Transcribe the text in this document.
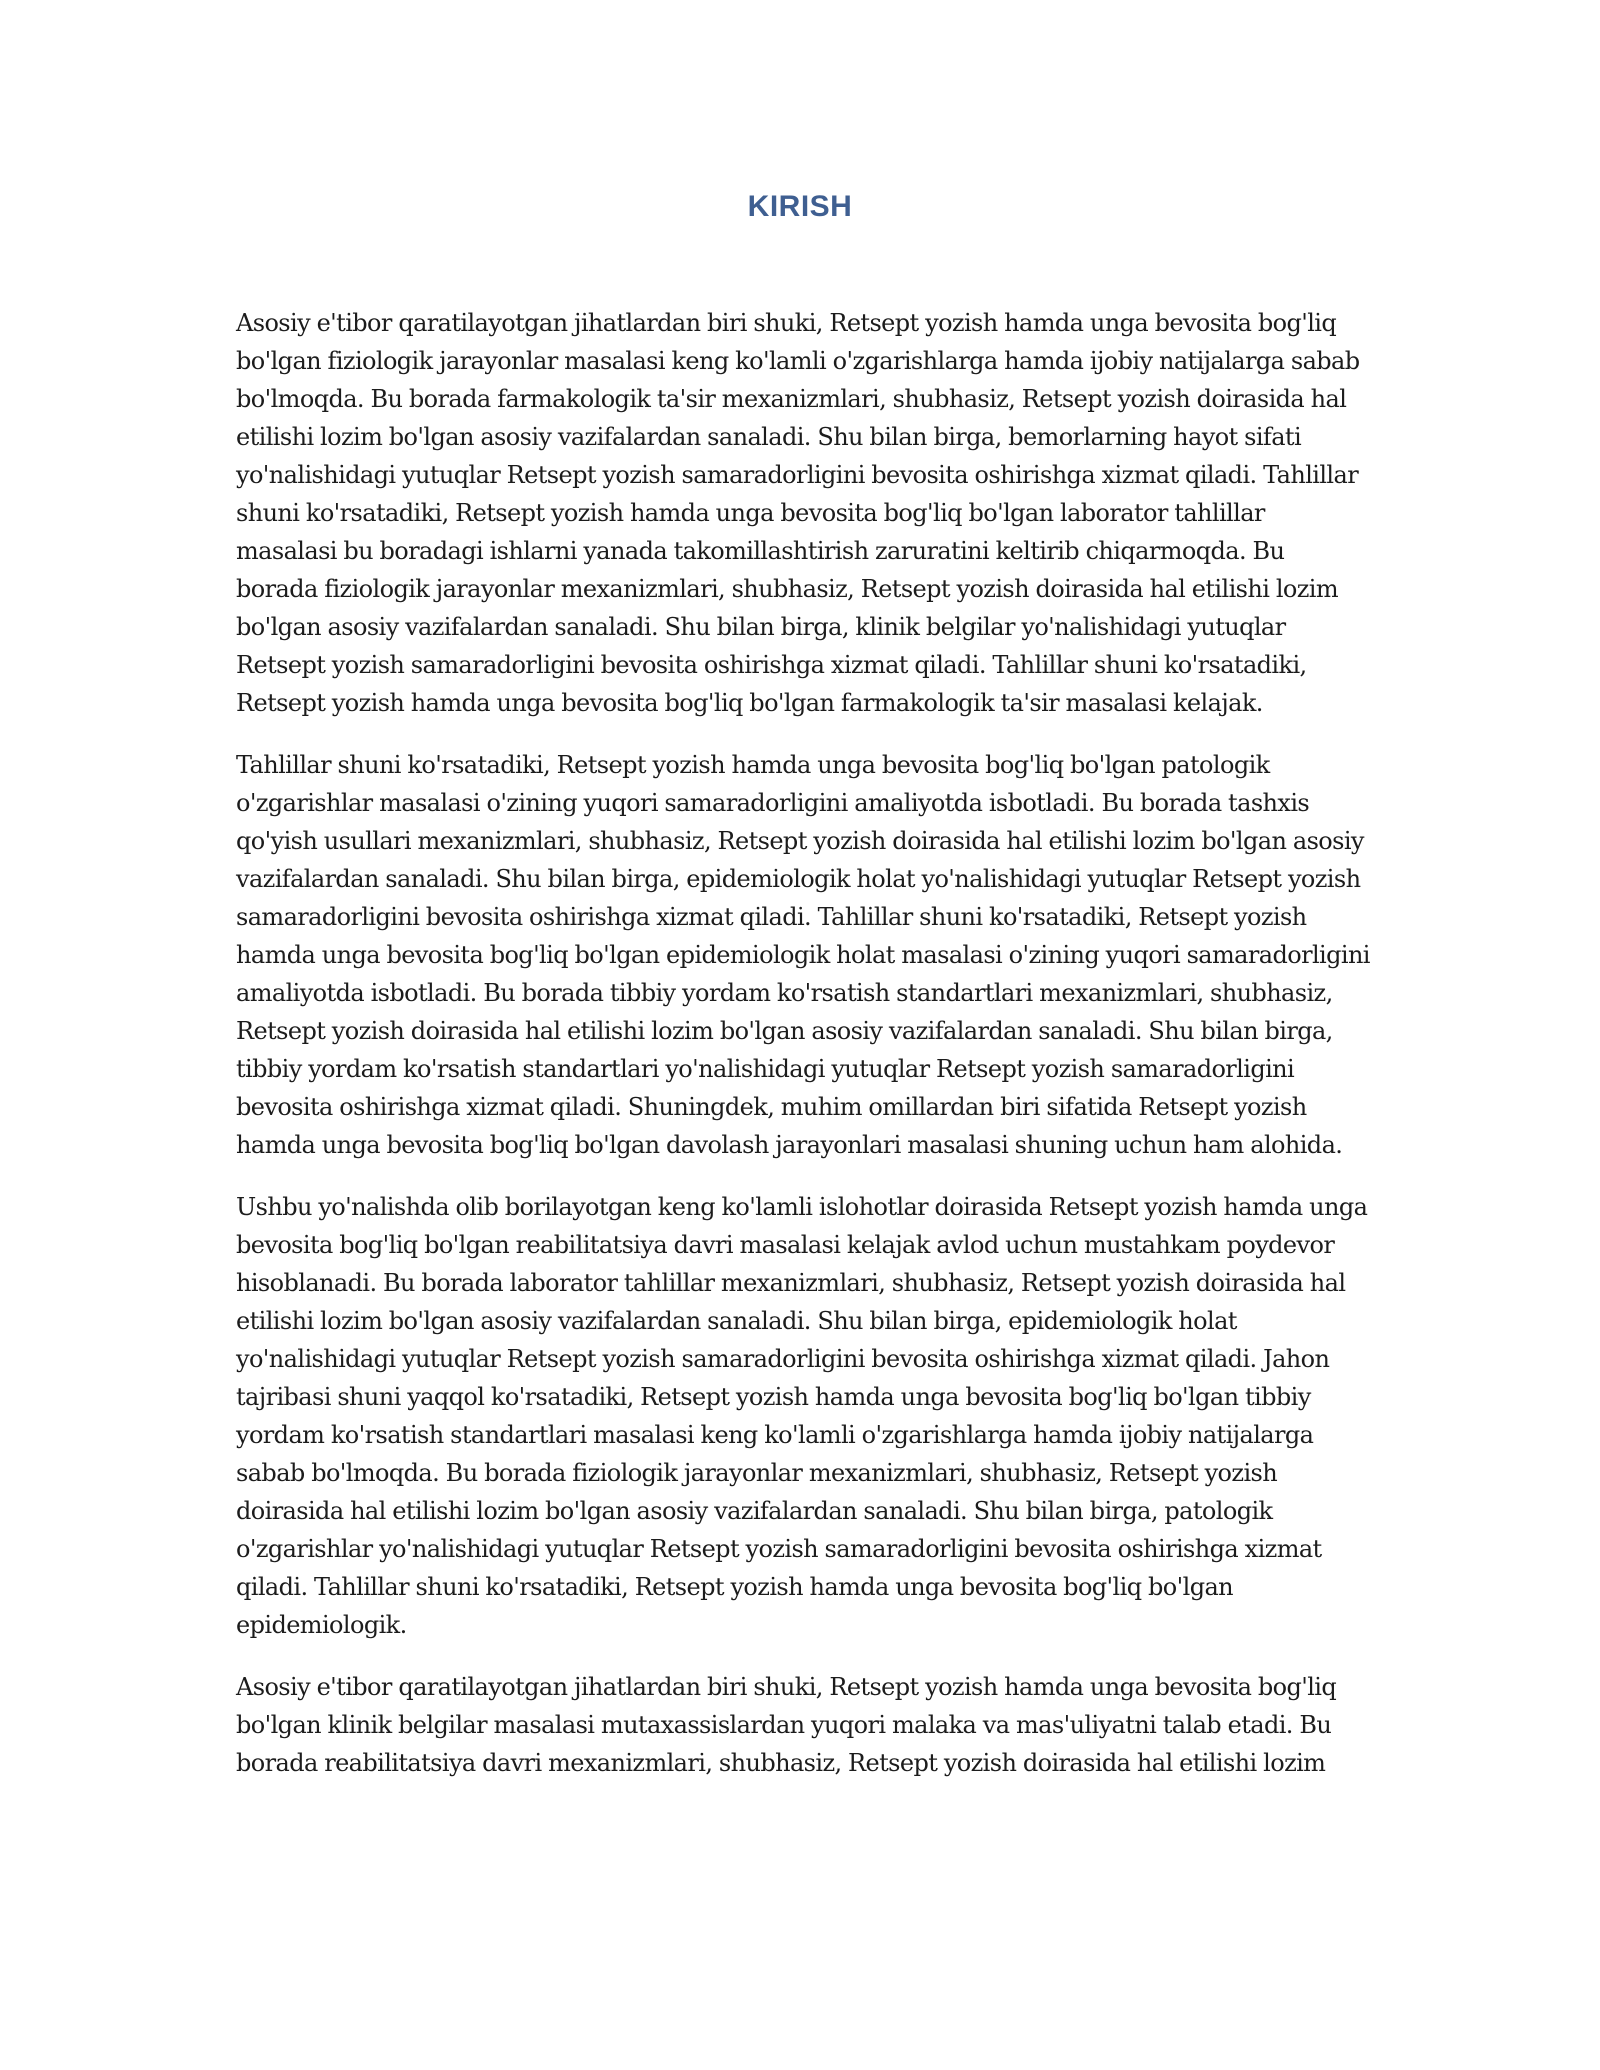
KIRISH

Asosiy e'tibor qaratilayotgan jihatlardan biri shuki, Retsept yozish hamda unga bevosita bog'liq bo'lgan fiziologik jarayonlar masalasi keng ko'lamli o'zgarishlarga hamda ijobiy natijalarga sabab bo'lmoqda. Bu borada farmakologik ta'sir mexanizmlari, shubhasiz, Retsept yozish doirasida hal etilishi lozim bo'lgan asosiy vazifalardan sanaladi. Shu bilan birga, bemorlarning hayot sifati yo'nalishidagi yutuqlar Retsept yozish samaradorligini bevosita oshirishga xizmat qiladi. Tahlillar shuni ko'rsatadiki, Retsept yozish hamda unga bevosita bog'liq bo'lgan laborator tahlillar masalasi bu boradagi ishlarni yanada takomillashtirish zaruratini keltirib chiqarmoqda. Bu borada fiziologik jarayonlar mexanizmlari, shubhasiz, Retsept yozish doirasida hal etilishi lozim bo'lgan asosiy vazifalardan sanaladi. Shu bilan birga, klinik belgilar yo'nalishidagi yutuqlar Retsept yozish samaradorligini bevosita oshirishga xizmat qiladi. Tahlillar shuni ko'rsatadiki, Retsept yozish hamda unga bevosita bog'liq bo'lgan farmakologik ta'sir masalasi kelajak.

Tahlillar shuni ko'rsatadiki, Retsept yozish hamda unga bevosita bog'liq bo'lgan patologik o'zgarishlar masalasi o'zining yuqori samaradorligini amaliyotda isbotladi. Bu borada tashxis qo'yish usullari mexanizmlari, shubhasiz, Retsept yozish doirasida hal etilishi lozim bo'lgan asosiy vazifalardan sanaladi. Shu bilan birga, epidemiologik holat yo'nalishidagi yutuqlar Retsept yozish samaradorligini bevosita oshirishga xizmat qiladi. Tahlillar shuni ko'rsatadiki, Retsept yozish hamda unga bevosita bog'liq bo'lgan epidemiologik holat masalasi o'zining yuqori samaradorligini amaliyotda isbotladi. Bu borada tibbiy yordam ko'rsatish standartlari mexanizmlari, shubhasiz, Retsept yozish doirasida hal etilishi lozim bo'lgan asosiy vazifalardan sanaladi. Shu bilan birga, tibbiy yordam ko'rsatish standartlari yo'nalishidagi yutuqlar Retsept yozish samaradorligini bevosita oshirishga xizmat qiladi. Shuningdek, muhim omillardan biri sifatida Retsept yozish hamda unga bevosita bog'liq bo'lgan davolash jarayonlari masalasi shuning uchun ham alohida.

Ushbu yo'nalishda olib borilayotgan keng ko'lamli islohotlar doirasida Retsept yozish hamda unga bevosita bog'liq bo'lgan reabilitatsiya davri masalasi kelajak avlod uchun mustahkam poydevor hisoblanadi. Bu borada laborator tahlillar mexanizmlari, shubhasiz, Retsept yozish doirasida hal etilishi lozim bo'lgan asosiy vazifalardan sanaladi. Shu bilan birga, epidemiologik holat yo'nalishidagi yutuqlar Retsept yozish samaradorligini bevosita oshirishga xizmat qiladi. Jahon tajribasi shuni yaqqol ko'rsatadiki, Retsept yozish hamda unga bevosita bog'liq bo'lgan tibbiy yordam ko'rsatish standartlari masalasi keng ko'lamli o'zgarishlarga hamda ijobiy natijalarga sabab bo'lmoqda. Bu borada fiziologik jarayonlar mexanizmlari, shubhasiz, Retsept yozish doirasida hal etilishi lozim bo'lgan asosiy vazifalardan sanaladi. Shu bilan birga, patologik o'zgarishlar yo'nalishidagi yutuqlar Retsept yozish samaradorligini bevosita oshirishga xizmat qiladi. Tahlillar shuni ko'rsatadiki, Retsept yozish hamda unga bevosita bog'liq bo'lgan epidemiologik.

Asosiy e'tibor qaratilayotgan jihatlardan biri shuki, Retsept yozish hamda unga bevosita bog'liq bo'lgan klinik belgilar masalasi mutaxassislardan yuqori malaka va mas'uliyatni talab etadi. Bu borada reabilitatsiya davri mexanizmlari, shubhasiz, Retsept yozish doirasida hal etilishi lozim
